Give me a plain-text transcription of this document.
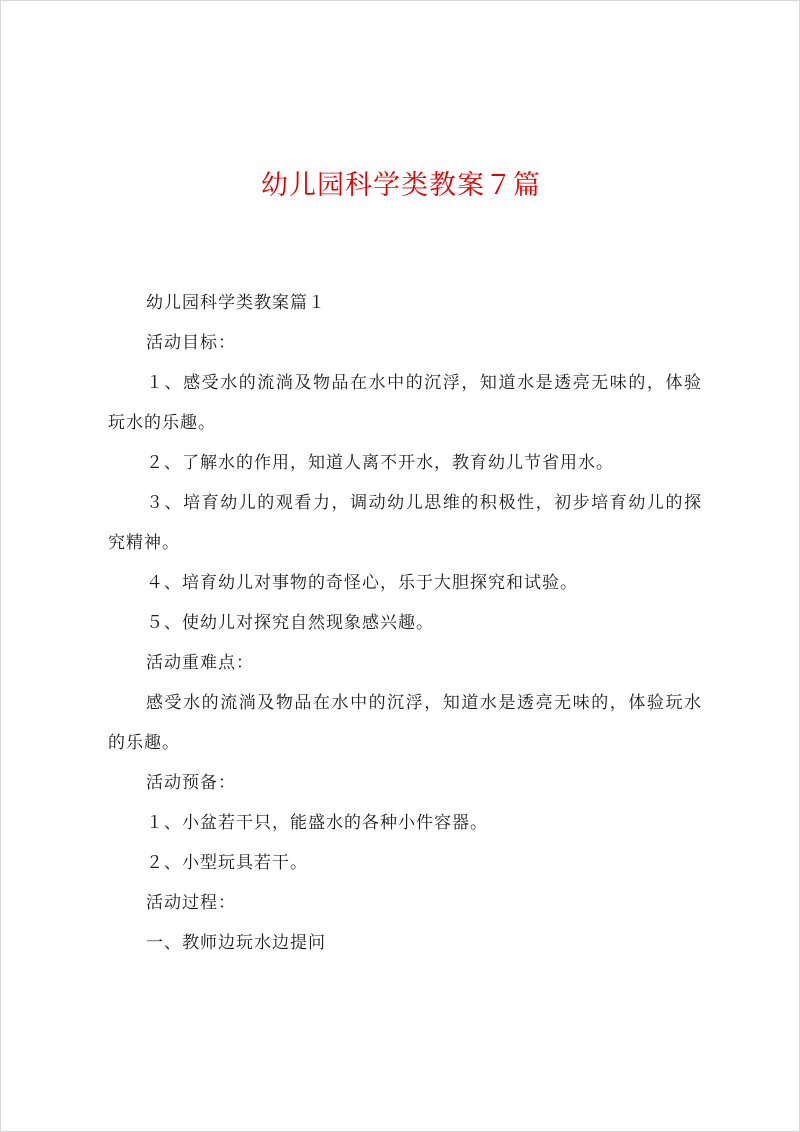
幼儿园科学类教案７篇

幼儿园科学类教案篇１

活动目标：

１、感受水的流淌及物品在水中的沉浮，知道水是透亮无味的，体验玩水的乐趣。

２、了解水的作用，知道人离不开水，教育幼儿节省用水。

３、培育幼儿的观看力，调动幼儿思维的积极性，初步培育幼儿的探究精神。

４、培育幼儿对事物的奇怪心，乐于大胆探究和试验。

５、使幼儿对探究自然现象感兴趣。

活动重难点：

感受水的流淌及物品在水中的沉浮，知道水是透亮无味的，体验玩水的乐趣。

活动预备：

１、小盆若干只，能盛水的各种小件容器。

２、小型玩具若干。

活动过程：

一、教师边玩水边提问
